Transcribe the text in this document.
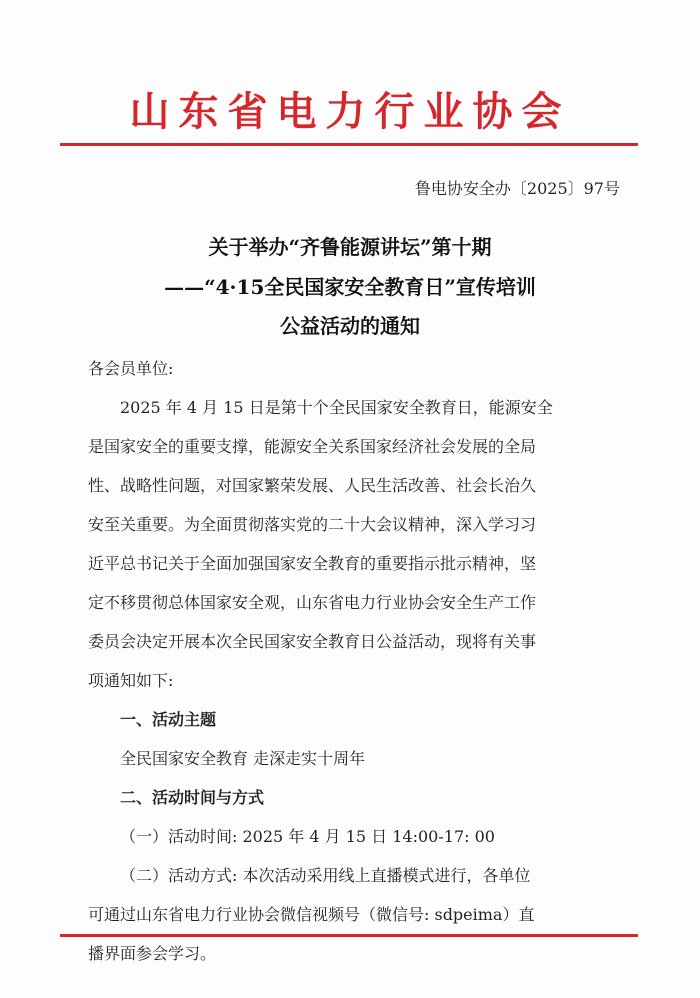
山东省电力行业协会
鲁电协安全办〔2025〕97号
关于举办“齐鲁能源讲坛”第十期
——“4·15全民国家安全教育日”宣传培训
公益活动的通知
各会员单位:
2025 年 4 月 15 日是第十个全民国家安全教育日，能源安全
是国家安全的重要支撑，能源安全关系国家经济社会发展的全局
性、战略性问题，对国家繁荣发展、人民生活改善、社会长治久
安至关重要。为全面贯彻落实党的二十大会议精神，深入学习习
近平总书记关于全面加强国家安全教育的重要指示批示精神，坚
定不移贯彻总体国家安全观，山东省电力行业协会安全生产工作
委员会决定开展本次全民国家安全教育日公益活动，现将有关事
项通知如下:
一、活动主题
全民国家安全教育 走深走实十周年
二、活动时间与方式
（一）活动时间: 2025 年 4 月 15 日 14:00-17: 00
（二）活动方式: 本次活动采用线上直播模式进行，各单位
可通过山东省电力行业协会微信视频号（微信号: sdpeima）直
播界面参会学习。
